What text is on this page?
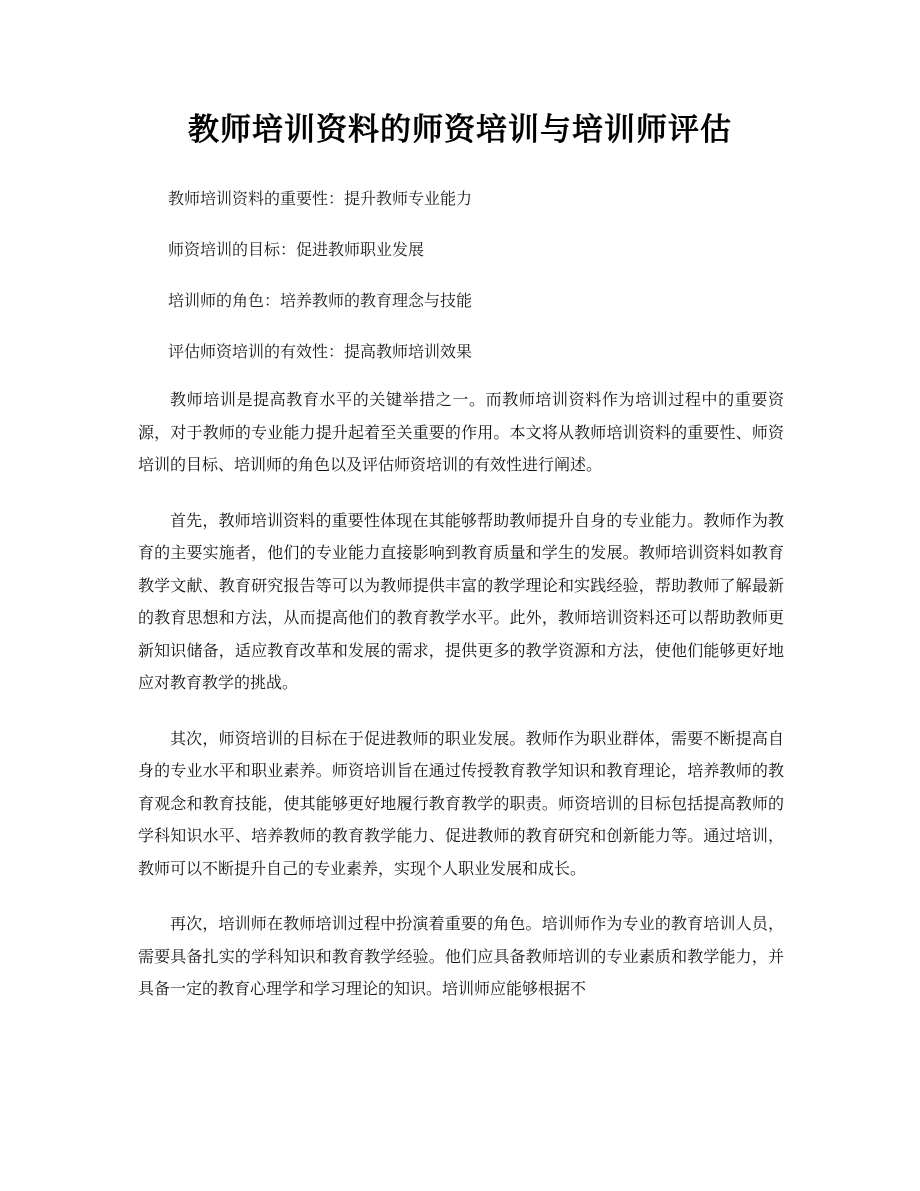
教师培训资料的师资培训与培训师评估
教师培训资料的重要性：提升教师专业能力
师资培训的目标：促进教师职业发展
培训师的角色：培养教师的教育理念与技能
评估师资培训的有效性：提高教师培训效果

教师培训是提高教育水平的关键举措之一。而教师培训资料作为培训过程中的重要资源，对于教师的专业能力提升起着至关重要的作用。本文将从教师培训资料的重要性、师资培训的目标、培训师的角色以及评估师资培训的有效性进行阐述。

首先，教师培训资料的重要性体现在其能够帮助教师提升自身的专业能力。教师作为教育的主要实施者，他们的专业能力直接影响到教育质量和学生的发展。教师培训资料如教育教学文献、教育研究报告等可以为教师提供丰富的教学理论和实践经验，帮助教师了解最新的教育思想和方法，从而提高他们的教育教学水平。此外，教师培训资料还可以帮助教师更新知识储备，适应教育改革和发展的需求，提供更多的教学资源和方法，使他们能够更好地应对教育教学的挑战。

其次，师资培训的目标在于促进教师的职业发展。教师作为职业群体，需要不断提高自身的专业水平和职业素养。师资培训旨在通过传授教育教学知识和教育理论，培养教师的教育观念和教育技能，使其能够更好地履行教育教学的职责。师资培训的目标包括提高教师的学科知识水平、培养教师的教育教学能力、促进教师的教育研究和创新能力等。通过培训，教师可以不断提升自己的专业素养，实现个人职业发展和成长。

再次，培训师在教师培训过程中扮演着重要的角色。培训师作为专业的教育培训人员，需要具备扎实的学科知识和教育教学经验。他们应具备教师培训的专业素质和教学能力，并具备一定的教育心理学和学习理论的知识。培训师应能够根据不
